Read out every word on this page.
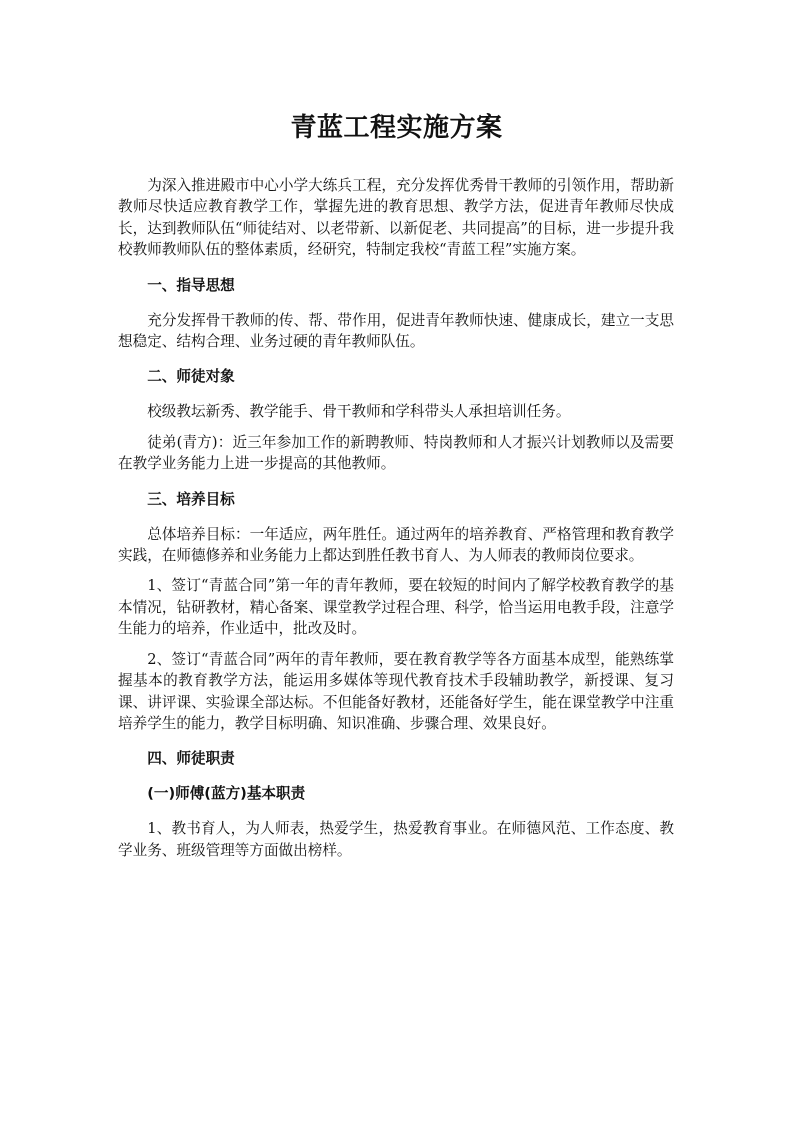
青蓝工程实施方案

为深入推进殿市中心小学大练兵工程，充分发挥优秀骨干教师的引领作用，帮助新教师尽快适应教育教学工作，掌握先进的教育思想、教学方法，促进青年教师尽快成长，达到教师队伍“师徒结对、以老带新、以新促老、共同提高”的目标，进一步提升我校教师教师队伍的整体素质，经研究，特制定我校“青蓝工程”实施方案。

一、指导思想

充分发挥骨干教师的传、帮、带作用，促进青年教师快速、健康成长，建立一支思想稳定、结构合理、业务过硬的青年教师队伍。

二、师徒对象

校级教坛新秀、教学能手、骨干教师和学科带头人承担培训任务。

徒弟(青方)：近三年参加工作的新聘教师、特岗教师和人才振兴计划教师以及需要在教学业务能力上进一步提高的其他教师。

三、培养目标

总体培养目标：一年适应，两年胜任。通过两年的培养教育、严格管理和教育教学实践，在师德修养和业务能力上都达到胜任教书育人、为人师表的教师岗位要求。

1、签订“青蓝合同”第一年的青年教师，要在较短的时间内了解学校教育教学的基本情况，钻研教材，精心备案、课堂教学过程合理、科学，恰当运用电教手段，注意学生能力的培养，作业适中，批改及时。

2、签订“青蓝合同”两年的青年教师，要在教育教学等各方面基本成型，能熟练掌握基本的教育教学方法，能运用多媒体等现代教育技术手段辅助教学，新授课、复习课、讲评课、实验课全部达标。不但能备好教材，还能备好学生，能在课堂教学中注重培养学生的能力，教学目标明确、知识准确、步骤合理、效果良好。

四、师徒职责
(一)师傅(蓝方)基本职责

1、教书育人，为人师表，热爱学生，热爱教育事业。在师德风范、工作态度、教学业务、班级管理等方面做出榜样。
